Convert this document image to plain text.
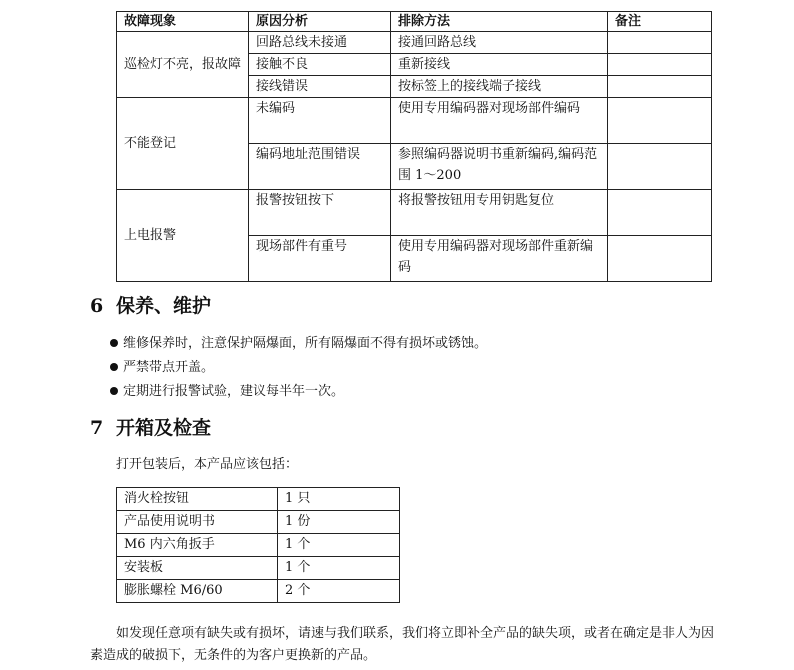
故障现象	原因分析	排除方法	备注
巡检灯不亮，报故障	回路总线未接通	接通回路总线	
	接触不良	重新接线	
	接线错误	按标签上的接线端子接线	
不能登记	未编码	使用专用编码器对现场部件编码	
	编码地址范围错误	参照编码器说明书重新编码,编码范围 1～200	
上电报警	报警按钮按下	将报警按钮用专用钥匙复位	
	现场部件有重号	使用专用编码器对现场部件重新编码	
6 保养、维护
维修保养时，注意保护隔爆面，所有隔爆面不得有损坏或锈蚀。
严禁带点开盖。
定期进行报警试验，建议每半年一次。
7 开箱及检查

打开包装后，本产品应该包括：

消火栓按钮	1 只
产品使用说明书	1 份
M6 内六角扳手	1 个
安装板	1 个
膨胀螺栓 M6/60	2 个

如发现任意项有缺失或有损坏，请速与我们联系，我们将立即补全产品的缺失项，或者在确定是非人为因素造成的破损下，无条件的为客户更换新的产品。
